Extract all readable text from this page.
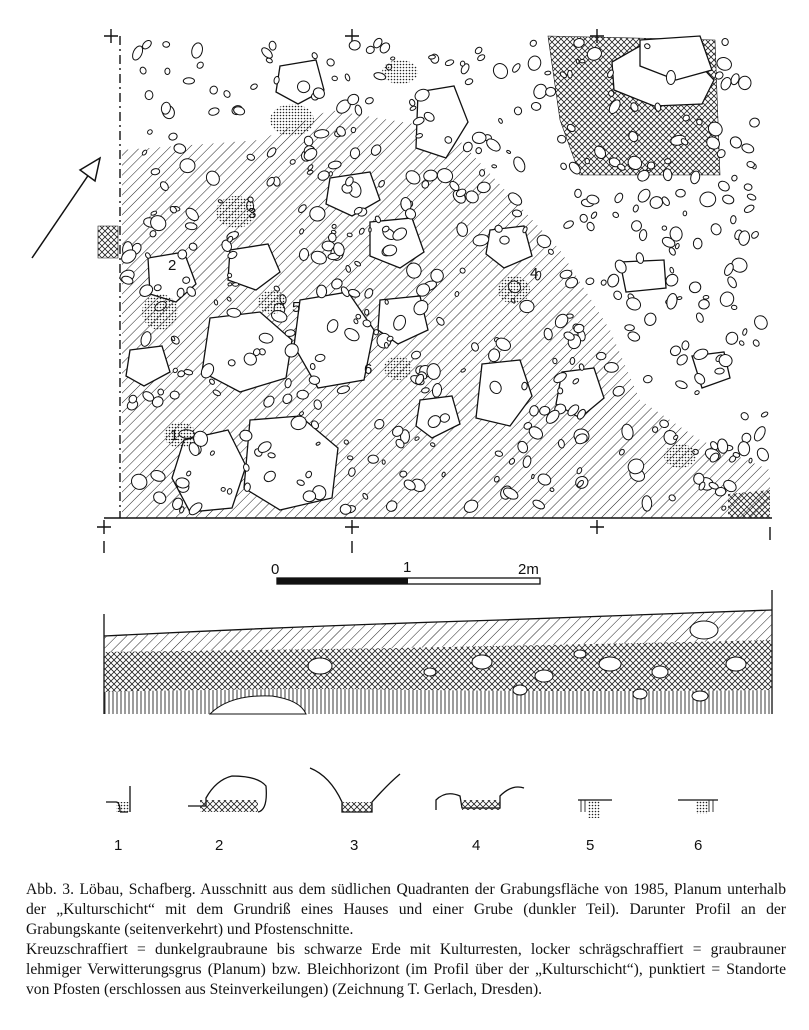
1
2
3
4
5
6
0	1	2m
1	2	3	4	5	6

Abb. 3. Löbau, Schafberg. Ausschnitt aus dem südlichen Quadranten der Grabungsfläche von 1985, Planum unterhalb der „Kulturschicht“ mit dem Grundriß eines Hauses und einer Grube (dunkler Teil). Darunter Profil an der Grabungskante (seitenverkehrt) und Pfostenschnitte.

Kreuzschraffiert = dunkelgraubraune bis schwarze Erde mit Kulturresten, locker schrägschraffiert = graubrauner lehmiger Verwitterungsgrus (Planum) bzw. Bleichhorizont (im Profil über der „Kulturschicht“), punktiert = Standorte von Pfosten (erschlossen aus Steinverkeilungen) (Zeichnung T. Gerlach, Dresden).
